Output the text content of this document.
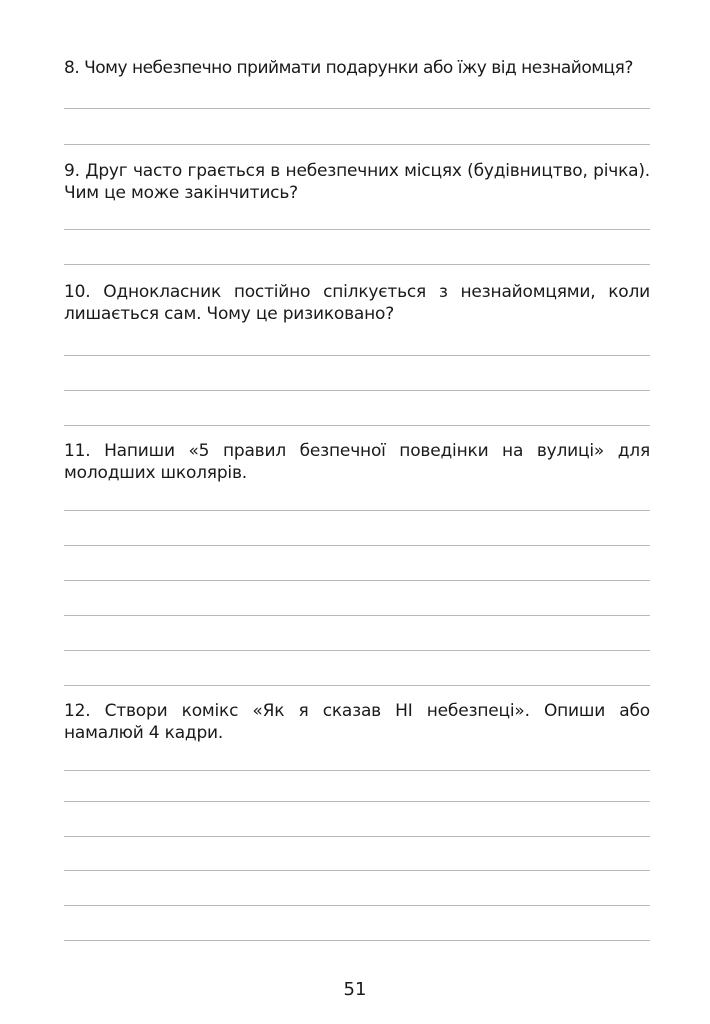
8. Чому небезпечно приймати подарунки або їжу від незнайомця?
9. Друг часто грається в небезпечних місцях (будівництво, річка). Чим це може закінчитись?
10. Однокласник постійно спілкується з незнайомцями, коли лишається сам. Чому це ризиковано?
11. Напиши «5 правил безпечної поведінки на вулиці» для молодших школярів.
12. Створи комікс «Як я сказав НІ небезпеці». Опиши або намалюй 4 кадри.
51
